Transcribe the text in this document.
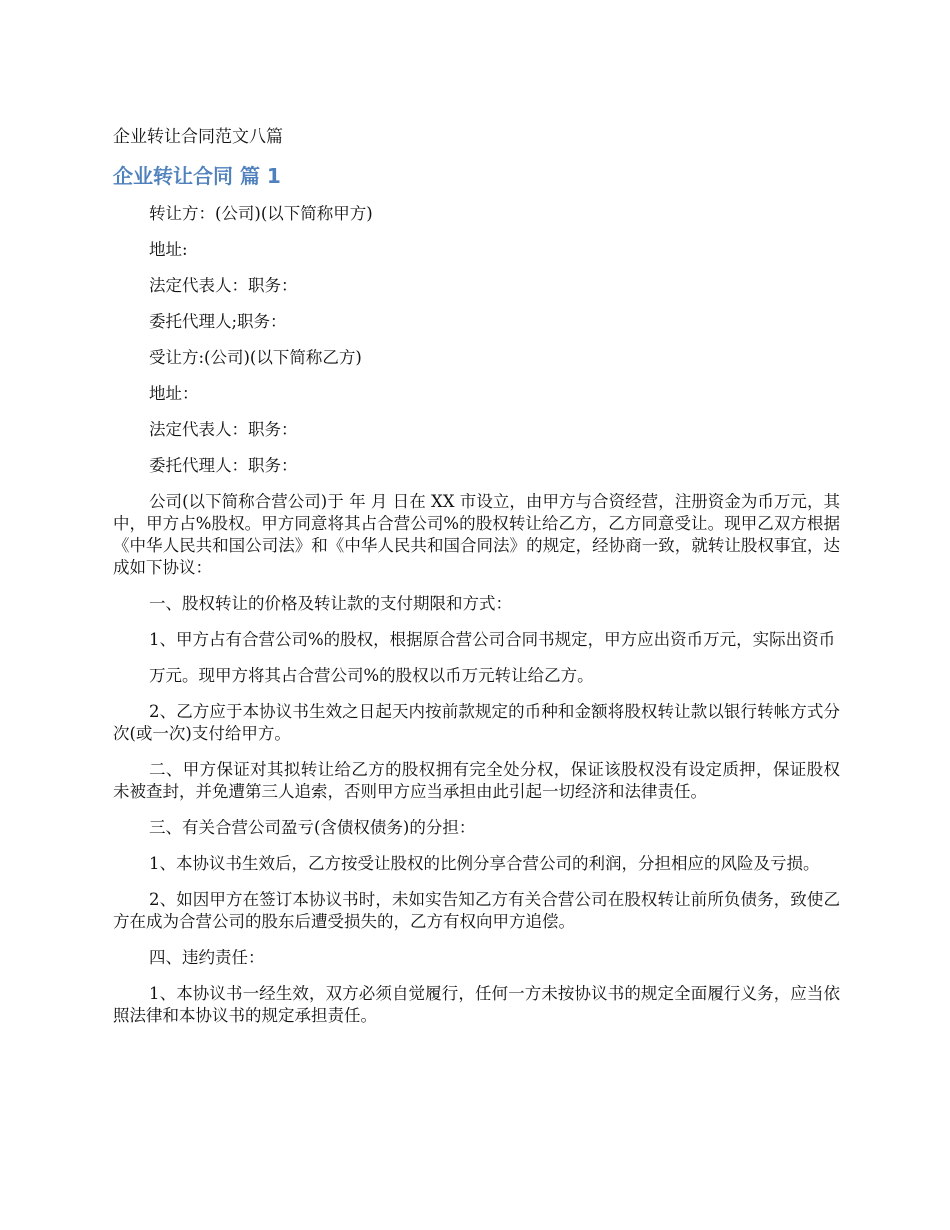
企业转让合同范文八篇
企业转让合同 篇 1

转让方：(公司)(以下简称甲方)

地址:

法定代表人：职务：

委托代理人;职务：

受让方:(公司)(以下简称乙方)

地址：

法定代表人：职务：

委托代理人：职务：

公司(以下简称合营公司)于 年 月 日在 XX 市设立，由甲方与合资经营，注册资金为币万元，其中，甲方占%股权。甲方同意将其占合营公司%的股权转让给乙方，乙方同意受让。现甲乙双方根据《中华人民共和国公司法》和《中华人民共和国合同法》的规定，经协商一致，就转让股权事宜，达成如下协议：

一、股权转让的价格及转让款的支付期限和方式：

1、甲方占有合营公司%的股权，根据原合营公司合同书规定，甲方应出资币万元，实际出资币

万元。现甲方将其占合营公司%的股权以币万元转让给乙方。

2、乙方应于本协议书生效之日起天内按前款规定的币种和金额将股权转让款以银行转帐方式分次(或一次)支付给甲方。

二、甲方保证对其拟转让给乙方的股权拥有完全处分权，保证该股权没有设定质押，保证股权未被查封，并免遭第三人追索，否则甲方应当承担由此引起一切经济和法律责任。

三、有关合营公司盈亏(含债权债务)的分担：

1、本协议书生效后，乙方按受让股权的比例分享合营公司的利润，分担相应的风险及亏损。

2、如因甲方在签订本协议书时，未如实告知乙方有关合营公司在股权转让前所负债务，致使乙方在成为合营公司的股东后遭受损失的，乙方有权向甲方追偿。

四、违约责任：

1、本协议书一经生效，双方必须自觉履行，任何一方未按协议书的规定全面履行义务，应当依照法律和本协议书的规定承担责任。
